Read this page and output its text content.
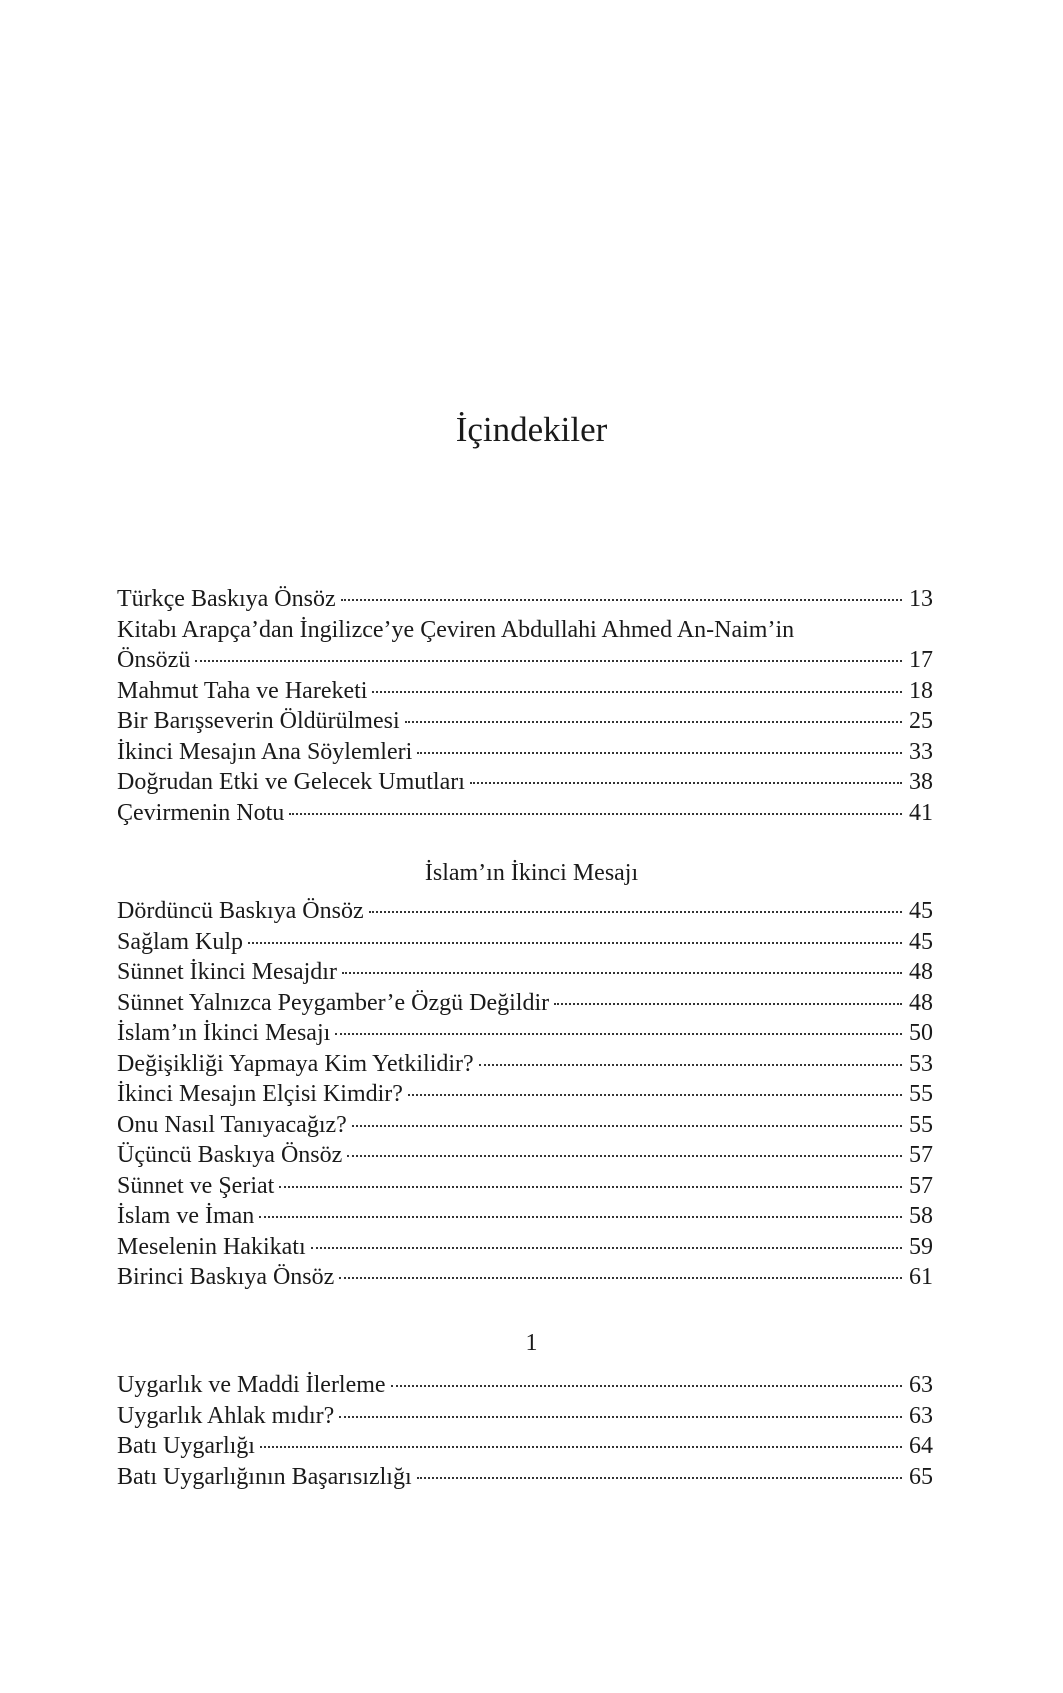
İçindekiler
Türkçe Baskıya Önsöz	13
Kitabı Arapça’dan İngilizce’ye Çeviren Abdullahi Ahmed An-Naim’in
Önsözü	17
Mahmut Taha ve Hareketi	18
Bir Barışseverin Öldürülmesi	25
İkinci Mesajın Ana Söylemleri	33
Doğrudan Etki ve Gelecek Umutları	38
Çevirmenin Notu	41
İslam’ın İkinci Mesajı
Dördüncü Baskıya Önsöz	45
Sağlam Kulp	45
Sünnet İkinci Mesajdır	48
Sünnet Yalnızca Peygamber’e Özgü Değildir	48
İslam’ın İkinci Mesajı	50
Değişikliği Yapmaya Kim Yetkilidir?	53
İkinci Mesajın Elçisi Kimdir?	55
Onu Nasıl Tanıyacağız?	55
Üçüncü Baskıya Önsöz	57
Sünnet ve Şeriat	57
İslam ve İman	58
Meselenin Hakikatı	59
Birinci Baskıya Önsöz	61
1
Uygarlık ve Maddi İlerleme	63
Uygarlık Ahlak mıdır?	63
Batı Uygarlığı	64
Batı Uygarlığının Başarısızlığı	65
